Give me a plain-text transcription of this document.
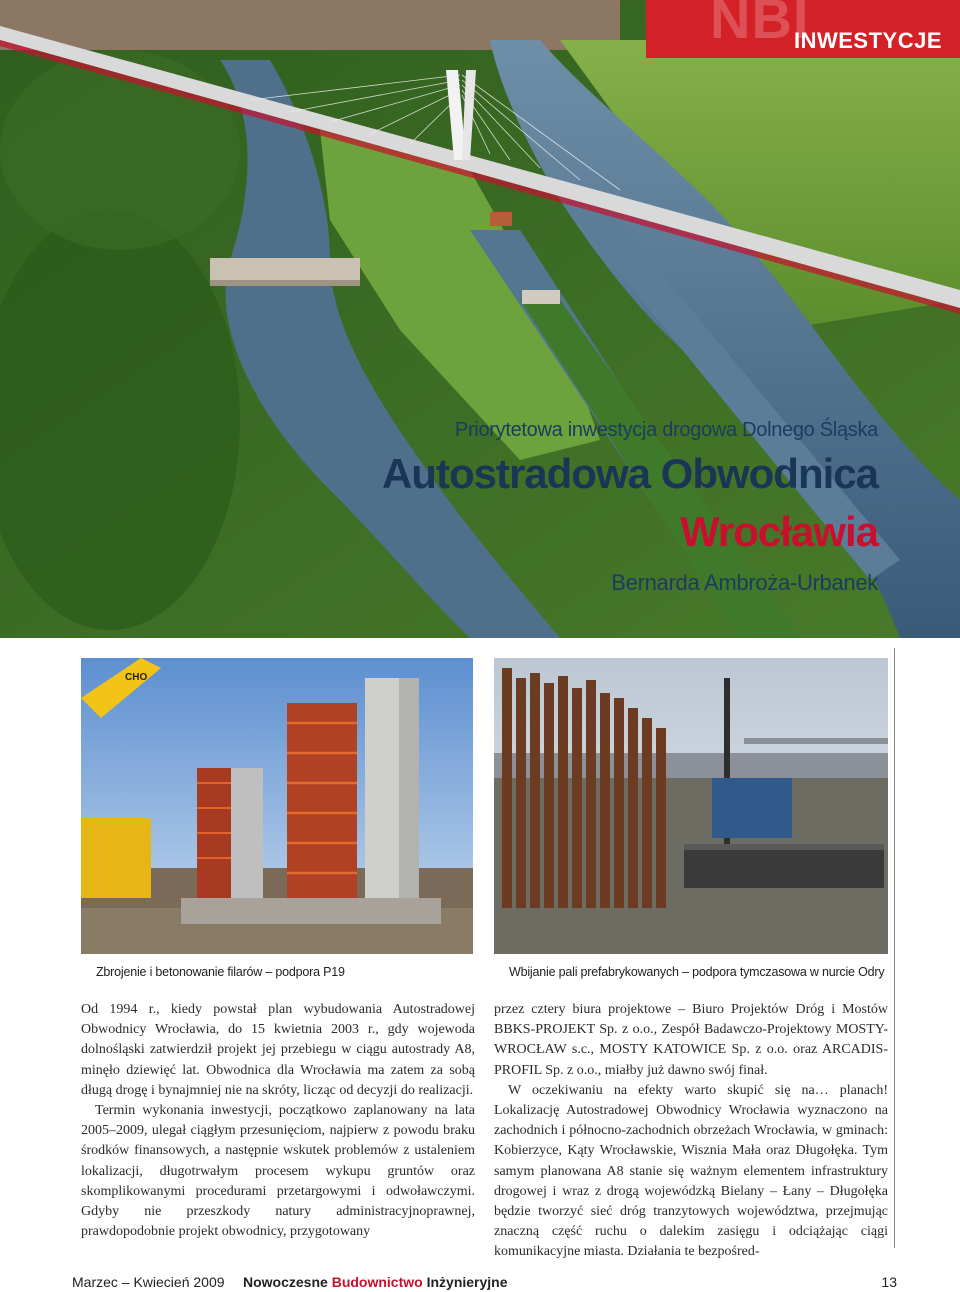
NBI
INWESTYCJE
Priorytetowa inwestycja drogowa Dolnego Śląska
Autostradowa Obwodnica
Wrocławia
Bernarda Ambroża-Urbanek
CHO
Zbrojenie i betonowanie filarów – podpora P19	Wbijanie pali prefabrykowanych – podpora tymczasowa w nurcie Odry

Od 1994 r., kiedy powstał plan wybudowania Autostradowej Obwodnicy Wrocławia, do 15 kwietnia 2003 r., gdy wojewoda dolnośląski zatwierdził projekt jej przebiegu w ciągu autostrady A8, minęło dziewięć lat. Obwodnica dla Wrocławia ma zatem za sobą długą drogę i bynajmniej nie na skróty, licząc od decyzji do realizacji.

Termin wykonania inwestycji, początkowo zaplanowany na lata 2005–2009, ulegał ciągłym przesunięciom, najpierw z powodu braku środków finansowych, a następnie wskutek problemów z ustaleniem lokalizacji, długotrwałym procesem wykupu gruntów oraz skomplikowanymi procedurami przetargowymi i odwoławczymi. Gdyby nie przeszkody natury administracyjnoprawnej, prawdopodobnie projekt obwodnicy, przygotowany

przez cztery biura projektowe – Biuro Projektów Dróg i Mostów BBKS-PROJEKT Sp. z o.o., Zespół Badawczo-Projektowy MOSTY-WROCŁAW s.c., MOSTY KATOWICE Sp. z o.o. oraz ARCADIS-PROFIL Sp. z o.o., miałby już dawno swój finał.

W oczekiwaniu na efekty warto skupić się na… planach! Lokalizację Autostradowej Obwodnicy Wrocławia wyznaczono na zachodnich i północno-zachodnich obrzeżach Wrocławia, w gminach: Kobierzyce, Kąty Wrocławskie, Wisznia Mała oraz Długołęka. Tym samym planowana A8 stanie się ważnym elementem infrastruktury drogowej i wraz z drogą wojewódzką Bielany – Łany – Długołęka będzie tworzyć sieć dróg tranzytowych województwa, przejmując znaczną część ruchu o dalekim zasięgu i odciążając ciągi komunikacyjne miasta. Działania te bezpośred-

Marzec – Kwiecień 2009 Nowoczesne Budownictwo Inżynieryjne	13
